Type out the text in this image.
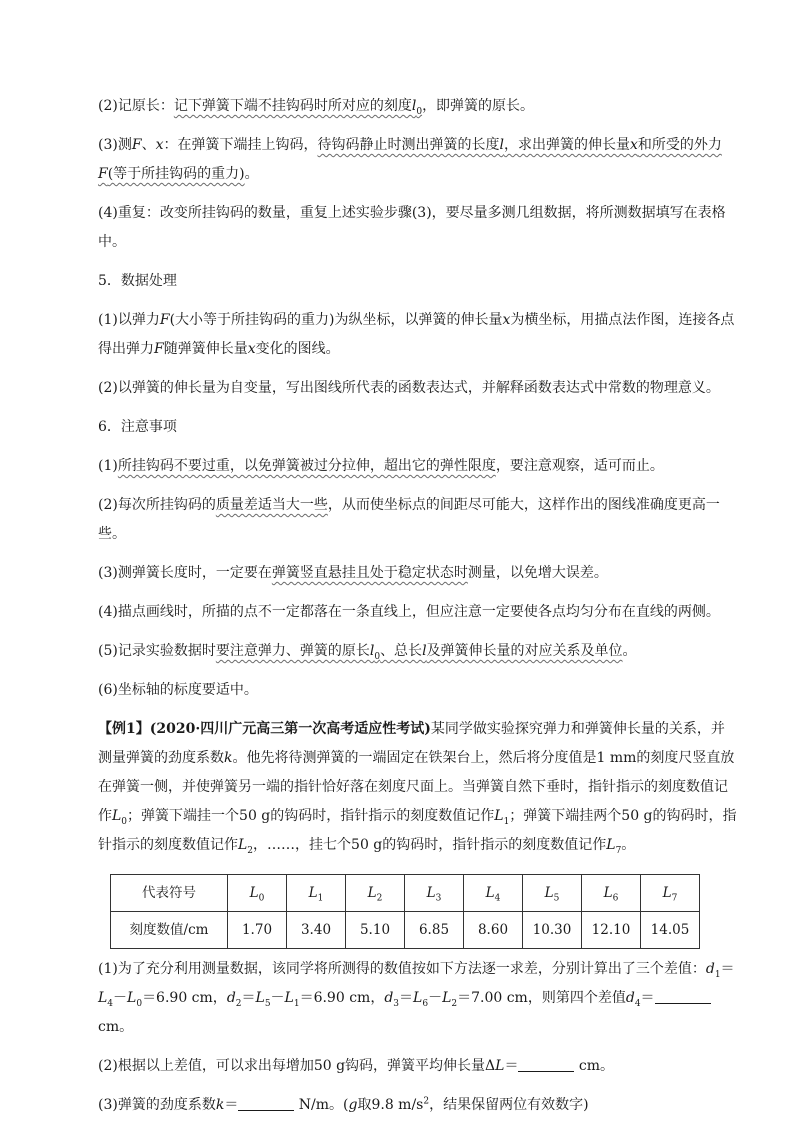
(2)记原长：记下弹簧下端不挂钩码时所对应的刻度$l_0$，即弹簧的原长。

(3)测F、x：在弹簧下端挂上钩码，待钩码静止时测出弹簧的长度l，求出弹簧的伸长量x和所受的外力F(等于所挂钩码的重力)。

(4)重复：改变所挂钩码的数量，重复上述实验步骤(3)，要尽量多测几组数据，将所测数据填写在表格中。

5．数据处理

(1)以弹力F(大小等于所挂钩码的重力)为纵坐标，以弹簧的伸长量x为横坐标，用描点法作图，连接各点得出弹力F随弹簧伸长量x变化的图线。

(2)以弹簧的伸长量为自变量，写出图线所代表的函数表达式，并解释函数表达式中常数的物理意义。

6．注意事项

(1)所挂钩码不要过重，以免弹簧被过分拉伸，超出它的弹性限度，要注意观察，适可而止。

(2)每次所挂钩码的质量差适当大一些，从而使坐标点的间距尽可能大，这样作出的图线准确度更高一些。

(3)测弹簧长度时，一定要在弹簧竖直悬挂且处于稳定状态时测量，以免增大误差。

(4)描点画线时，所描的点不一定都落在一条直线上，但应注意一定要使各点均匀分布在直线的两侧。

(5)记录实验数据时要注意弹力、弹簧的原长$l_0$、总长l及弹簧伸长量的对应关系及单位。

(6)坐标轴的标度要适中。

【例1】(2020·四川广元高三第一次高考适应性考试)某同学做实验探究弹力和弹簧伸长量的关系，并测量弹簧的劲度系数k。他先将待测弹簧的一端固定在铁架台上，然后将分度值是1 mm的刻度尺竖直放在弹簧一侧，并使弹簧另一端的指针恰好落在刻度尺面上。当弹簧自然下垂时，指针指示的刻度数值记作$L_0$；弹簧下端挂一个50 g的钩码时，指针指示的刻度数值记作$L_1$；弹簧下端挂两个50 g的钩码时，指针指示的刻度数值记作$L_2$，……，挂七个50 g的钩码时，指针指示的刻度数值记作$L_7$。

代表符号	$L_0$	$L_1$	$L_2$	$L_3$	$L_4$	$L_5$	$L_6$	$L_7$
刻度数值/cm	1.70	3.40	5.10	6.85	8.60	10.30	12.10	14.05

(1)为了充分利用测量数据，该同学将所测得的数值按如下方法逐一求差，分别计算出了三个差值：$d_1=L_4-L_0=6.90$ cm，$d_2=L_5-L_1=6.90$ cm，$d_3=L_6-L_2=7.00$ cm，则第四个差值$d_4=$ cm。

(2)根据以上差值，可以求出每增加50 g钩码，弹簧平均伸长量ΔL＝	cm。

(3)弹簧的劲度系数k＝	N/m。(g取9.8 $m/s^2$，结果保留两位有效数字)
